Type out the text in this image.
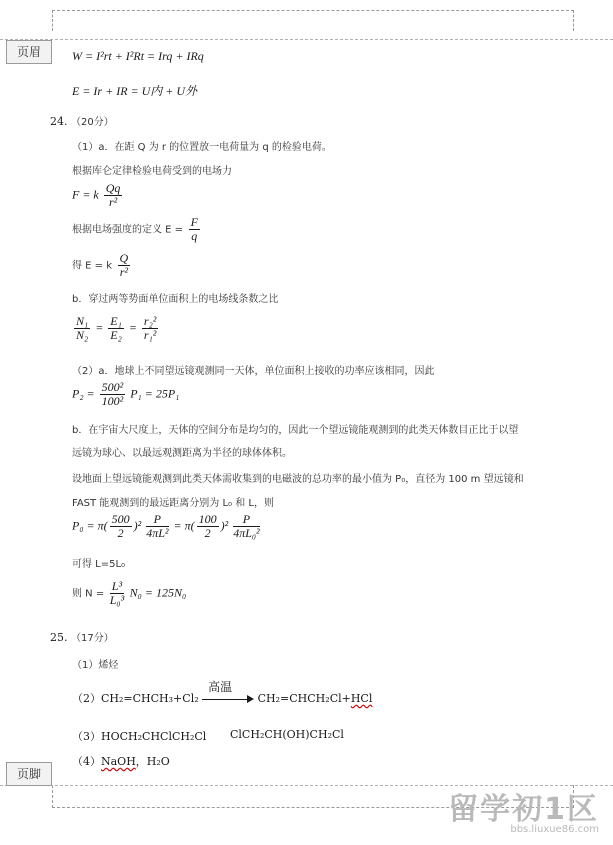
页眉
页脚
W = I²rt + I²Rt = Irq + IRq
E = Ir + IR = U内 + U外
24. （20分）
（1）a．在距 Q 为 r 的位置放一电荷量为 q 的检验电荷。
根据库仑定律检验电荷受到的电场力
F = k $\frac{Qq}{\text{r²}}$
根据电场强度的定义 $E = \frac{F}{q}$
得 E = k $\frac{Q}{\text{r²}}$
b．穿过两等势面单位面积上的电场线条数之比
$\frac{\text{N₁}}{\text{N₂}} = \frac{\text{E₁}}{\text{E₂}} = \frac{\text{r₂²}}{\text{r₁²}}$
（2）a．地球上不同望远镜观测同一天体，单位面积上接收的功率应该相同，因此
$P_2 = \frac{\text{500²}}{\text{100²}} P_1 = 25P_1$
b．在宇宙大尺度上，天体的空间分布是均匀的，因此一个望远镜能观测到的此类天体数目正比于以望
远镜为球心、以最远观测距离为半径的球体体积。
设地面上望远镜能观测到此类天体需收集到的电磁波的总功率的最小值为 P₀，直径为 100 m 望远镜和
FAST 能观测到的最远距离分别为 L₀ 和 L，则
$P_0 = \pi( \frac{500}{2} )^2 \frac{P}{\text{4πL²}} = \pi( \frac{100}{2} )^2 \frac{P}{\text{4πL₀²}}$
可得 L=5L₀
则 $N = \frac{\text{L³}}{\text{L₀³}} N_0 = 125N_0$
25. （17分）
（1）烯烃
（2）CH₂=CHCH₃+Cl₂
高温
CH₂=CHCH₂Cl+HCl
（3）HOCH₂CHClCH₂Cl ClCH₂CH(OH)CH₂Cl
（4）NaOH，H₂O
留学初1区
bbs.liuxue86.com
